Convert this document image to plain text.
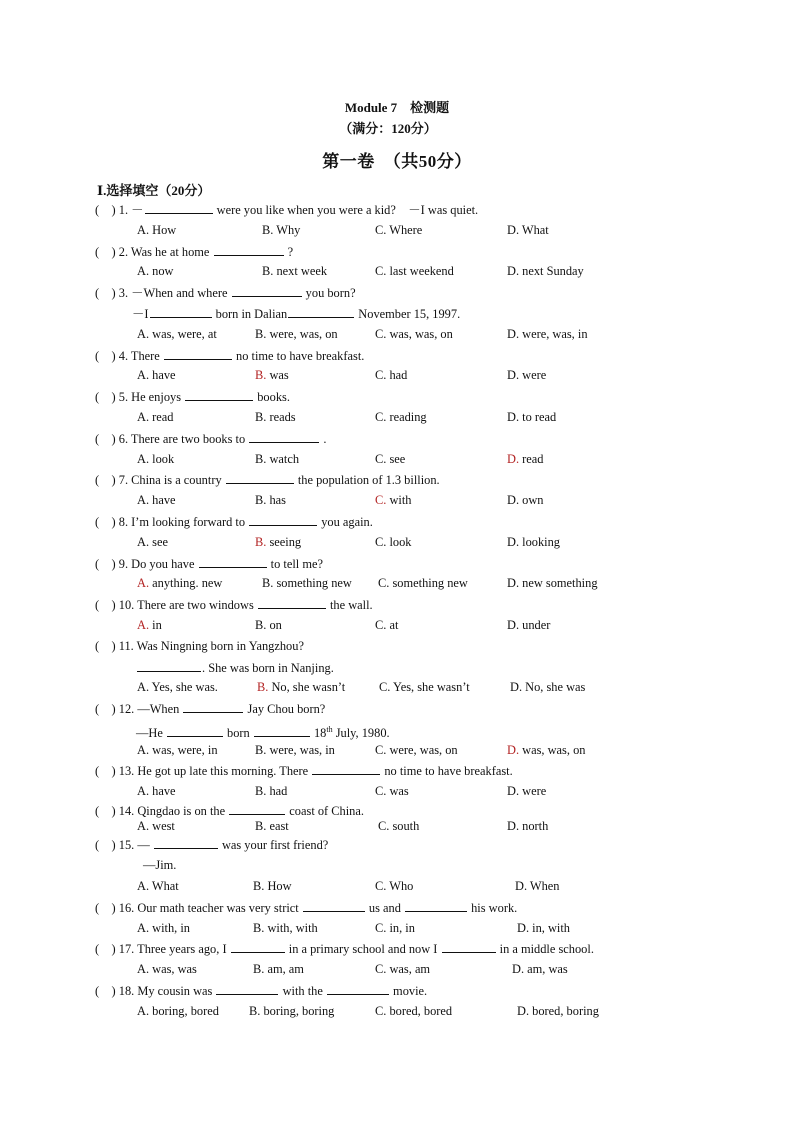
Module 7　检测题
（满分：120分）
第一卷　（共50分）
Ⅰ.选择填空（20分）
(　) 1. －	were you like when you were a kid?　－I was quiet.
A. How	B. Why	C. Where	D. What
(　) 2. Was he at home	?
A. now	B. next week	C. last weekend	D. next Sunday
(　) 3. －When and where	you born?
－I	born in Dalian	November 15, 1997.
A. was, were, at	B. were, was, on	C. was, was, on	D. were, was, in
(　) 4. There	no time to have breakfast.
A. have	B. was	C. had	D. were
(　) 5. He enjoys	books.
A. read	B. reads	C. reading	D. to read
(　) 6. There are two books to	.
A. look	B. watch	C. see	D. read
(　) 7. China is a country	the population of 1.3 billion.
A. have	B. has	C. with	D. own
(　) 8. I’m looking forward to	you again.
A. see	B. seeing	C. look	D. looking
(　) 9. Do you have	to tell me?
A. anything. new	B. something new C. something new	D. new something
(　) 10. There are two windows	the wall.
A. in	B. on	C. at	D. under
(　) 11. Was Ningning born in Yangzhou?
. She was born in Nanjing.
A. Yes, she was.	B. No, she wasn’t	C. Yes, she wasn’t	D. No, she was
(　) 12. —When	Jay Chou born?
—He	born	18th July, 1980.
A. was, were, in	B. were, was, in	C. were, was, on	D. was, was, on
(　) 13. He got up late this morning. There	no time to have breakfast.
A. have	B. had	C. was	D. were
(　) 14. Qingdao is on the	coast of China.
A. west	B. east	C. south	D. north
(　) 15. —	was your first friend?
—Jim.
A. What	B. How	C. Who	D. When
(　) 16. Our math teacher was very strict	us and	his work.
A. with, in	B. with, with	C. in, in	D. in, with
(　) 17. Three years ago, I	in a primary school and now I	in a middle school.
A. was, was	B. am, am	C. was, am	D. am, was
(　) 18. My cousin was	with the	movie.
A. boring, bored B. boring, boring	C. bored, bored	D. bored, boring
